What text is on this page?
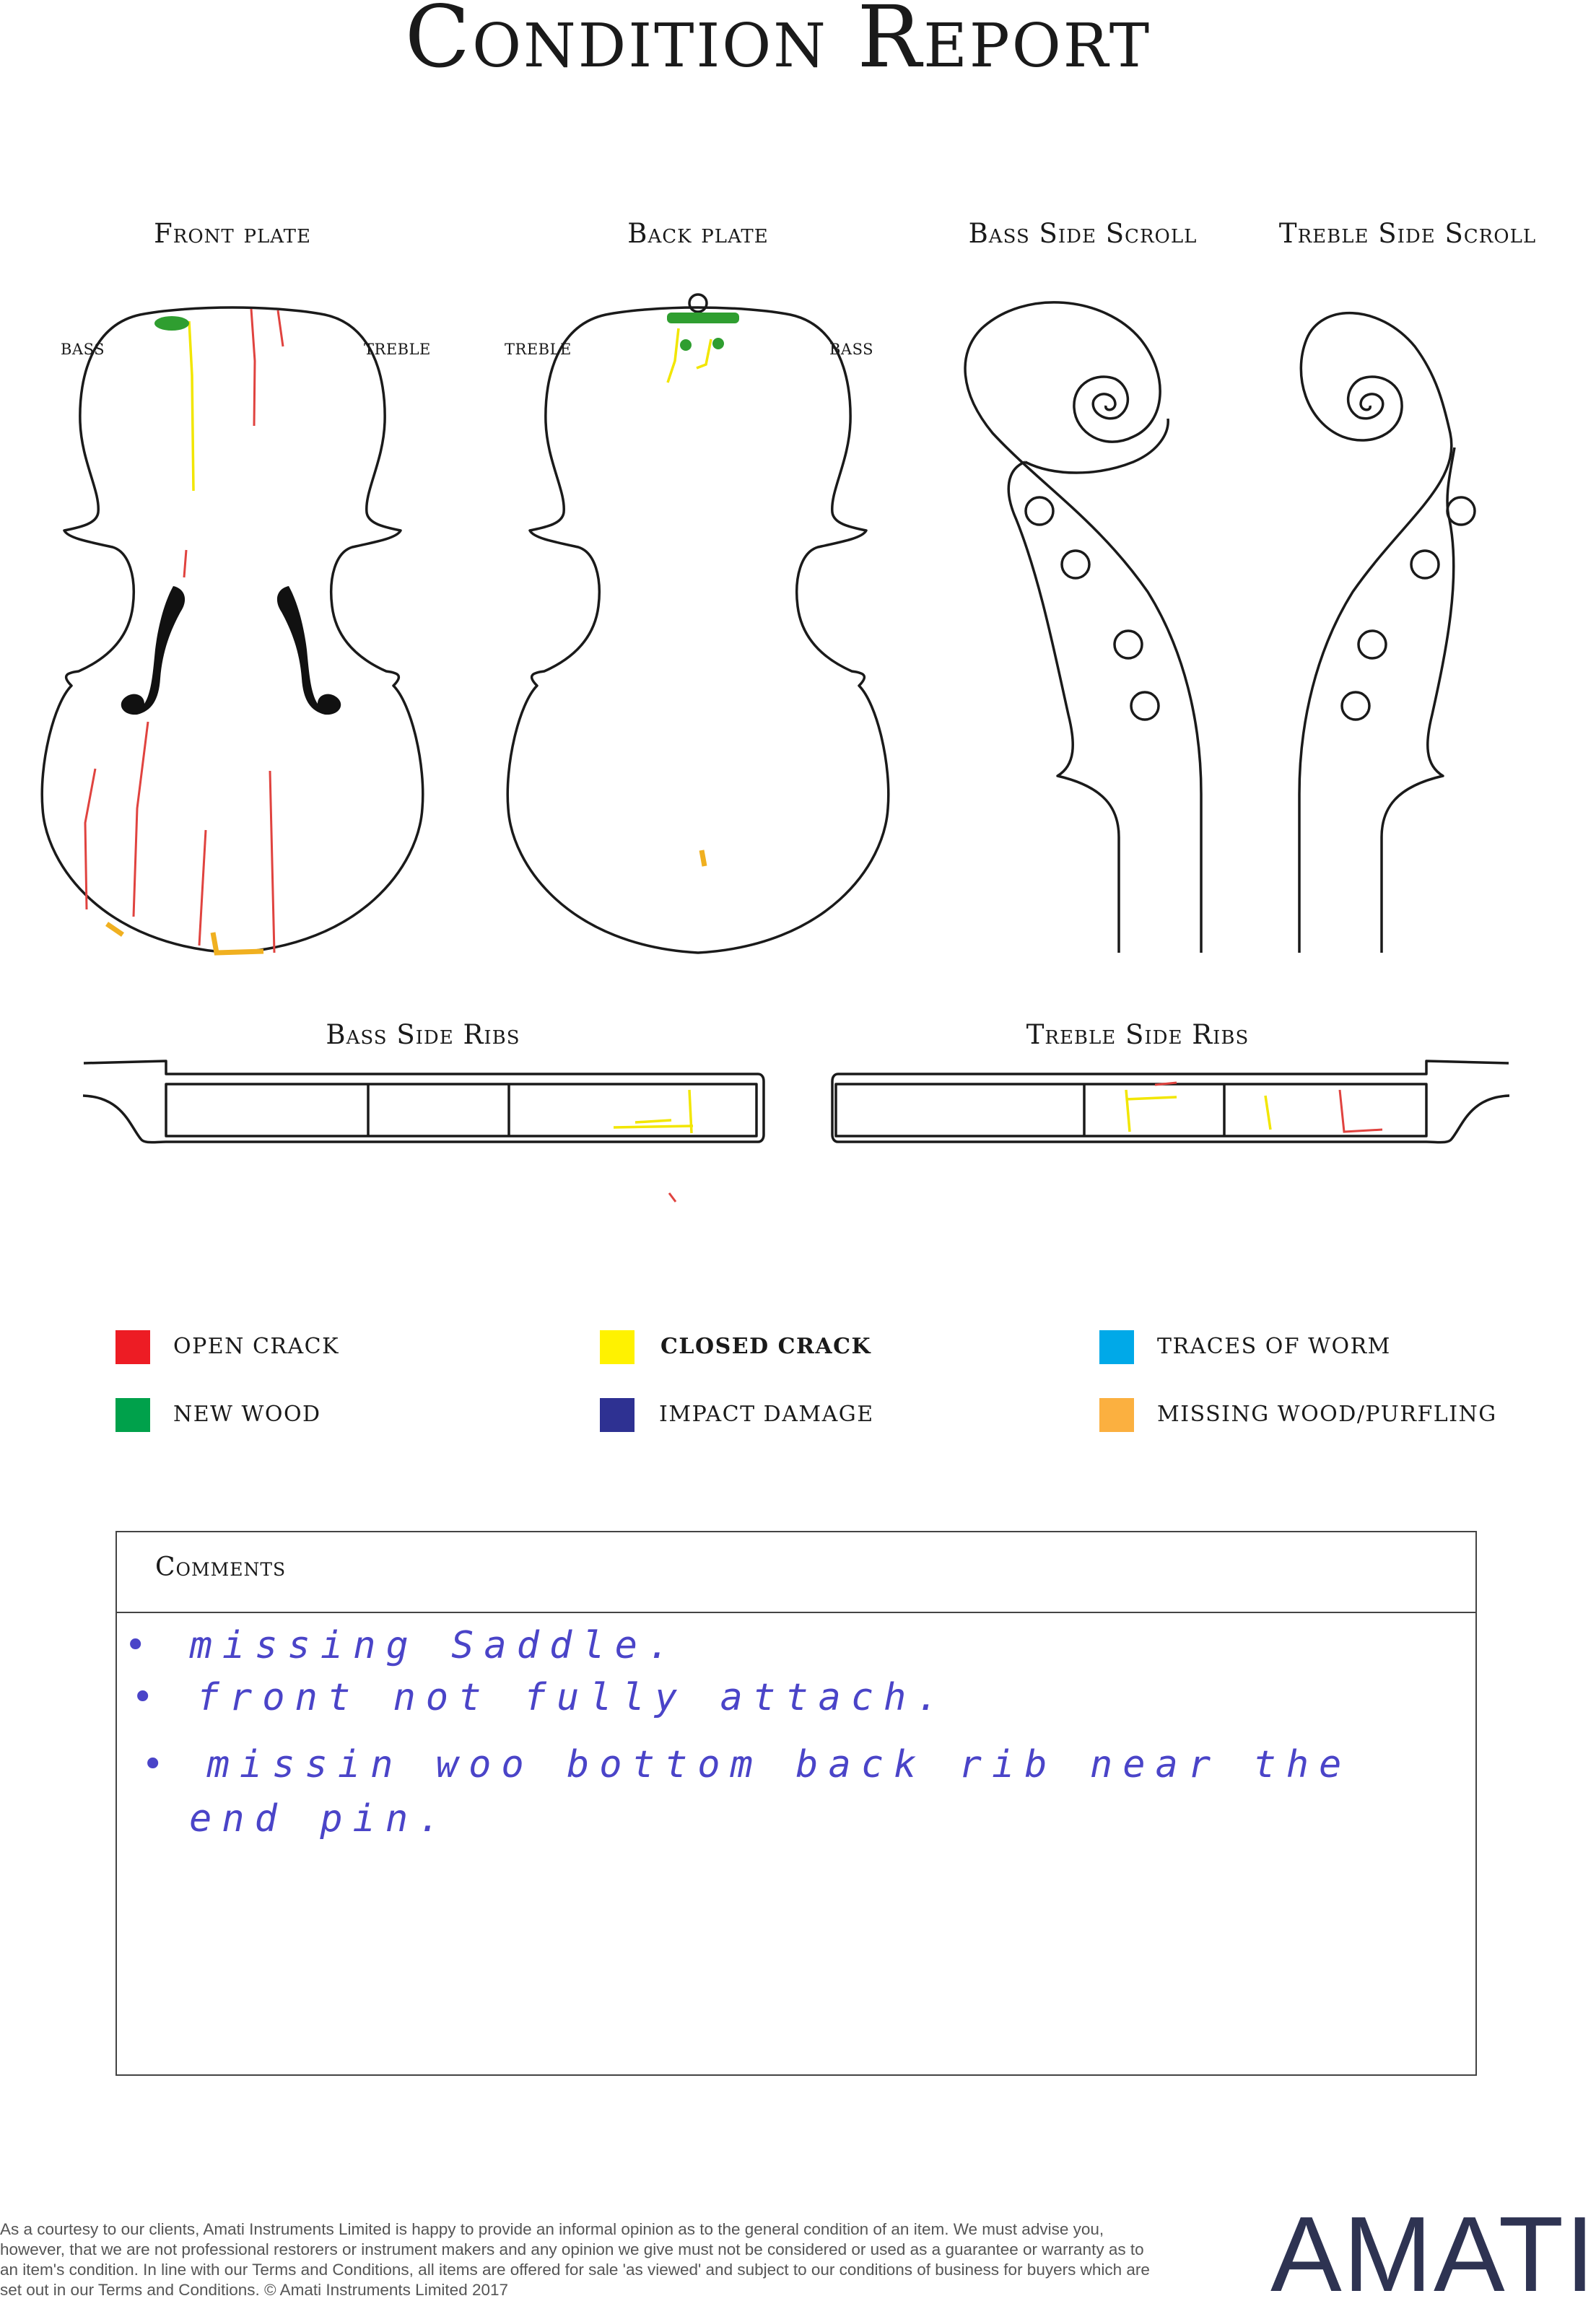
Condition Report
Front plate	Back plate	Bass Side Scroll	Treble Side Scroll
Bass Side Ribs	Treble Side Ribs
BASS	TREBLE	TREBLE	BASS
OPEN CRACK	CLOSED CRACK	TRACES OF WORM
NEW WOOD	IMPACT DAMAGE	MISSING WOOD/PURFLING
Comments
• missing Saddle.
• front not fully attach.
• missin woo bottom back rib near the
end pin.
As a courtesy to our clients, Amati Instruments Limited is happy to provide an informal opinion as to the general condition of an item. We must advise you, however, that we are not professional restorers or instrument makers and any opinion we give must not be considered or used as a guarantee or warranty as to an item's condition. In line with our Terms and Conditions, all items are offered for sale 'as viewed' and subject to our conditions of business for buyers which are set out in our Terms and Conditions. © Amati Instruments Limited 2017	AMATI
